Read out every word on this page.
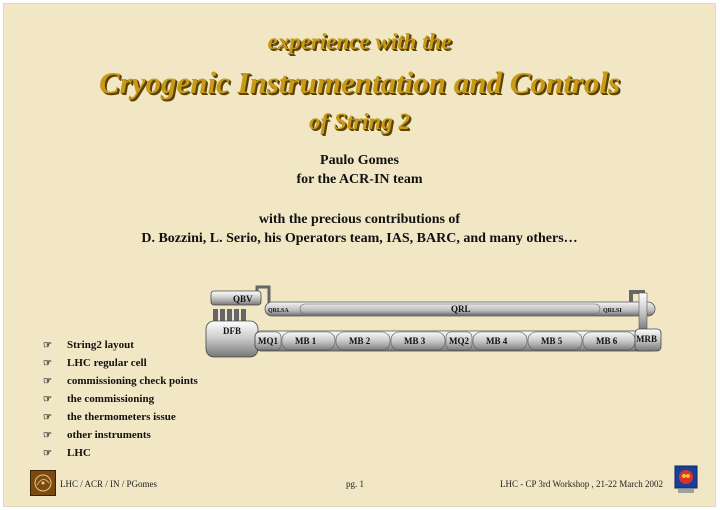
experience with the
Cryogenic Instrumentation and Controls
of String 2
Paulo Gomes
for the ACR-IN team
with the precious contributions of
D. Bozzini, L. Serio, his Operators team, IAS, BARC, and many others…
QBV
QRLSA	QRL	QRLSI
DFB
MQ1 MB 1	MB 2	MB 3	MQ2 MB 4	MB 5	MB 6 MRB
☞	String2 layout
☞	LHC regular cell
☞	commissioning check points
☞	the commissioning
☞	the thermometers issue
☞	other instruments
☞	LHC
LHC / ACR / IN / PGomes	pg. 1	LHC - CP 3rd Workshop , 21-22 March 2002
